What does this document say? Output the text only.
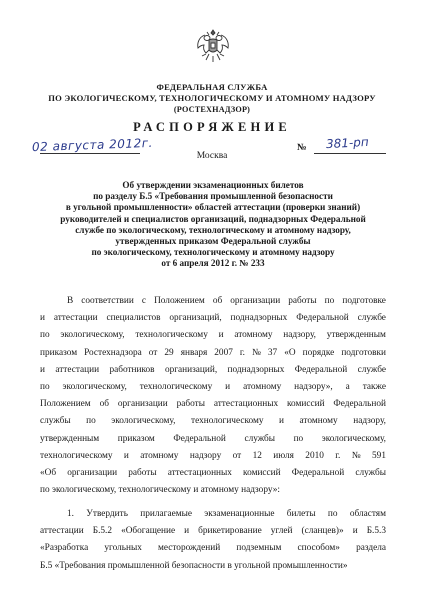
ФЕДЕРАЛЬНАЯ СЛУЖБА
ПО ЭКОЛОГИЧЕСКОМУ, ТЕХНОЛОГИЧЕСКОМУ И АТОМНОМУ НАДЗОРУ
(РОСТЕХНАДЗОР)
РАСПОРЯЖЕНИЕ
02 августа 2012г.
Москва
№ 381-рп
Об утверждении экзаменационных билетов
по разделу Б.5 «Требования промышленной безопасности
в угольной промышленности» областей аттестации (проверки знаний)
руководителей и специалистов организаций, поднадзорных Федеральной
службе по экологическому, технологическому и атомному надзору,
утвержденных приказом Федеральной службы
по экологическому, технологическому и атомному надзору
от 6 апреля 2012 г. № 233
В соответствии с Положением об организации работы по подготовке
и аттестации специалистов организаций, поднадзорных Федеральной службе
по экологическому, технологическому и атомному надзору, утвержденным
приказом Ростехнадзора от 29 января 2007 г. № 37 «О порядке подготовки
и аттестации работников организаций, поднадзорных Федеральной службе
по экологическому, технологическому и атомному надзору», а также
Положением об организации работы аттестационных комиссий Федеральной
службы по экологическому, технологическому и атомному надзору,
утвержденным приказом Федеральной службы по экологическому,
технологическому и атомному надзору от 12 июля 2010 г. № 591
«Об организации работы аттестационных комиссий Федеральной службы
по экологическому, технологическому и атомному надзору»:
1. Утвердить прилагаемые экзаменационные билеты по областям
аттестации Б.5.2 «Обогащение и брикетирование углей (сланцев)» и Б.5.3
«Разработка угольных месторождений подземным способом» раздела
Б.5 «Требования промышленной безопасности в угольной промышленности»
